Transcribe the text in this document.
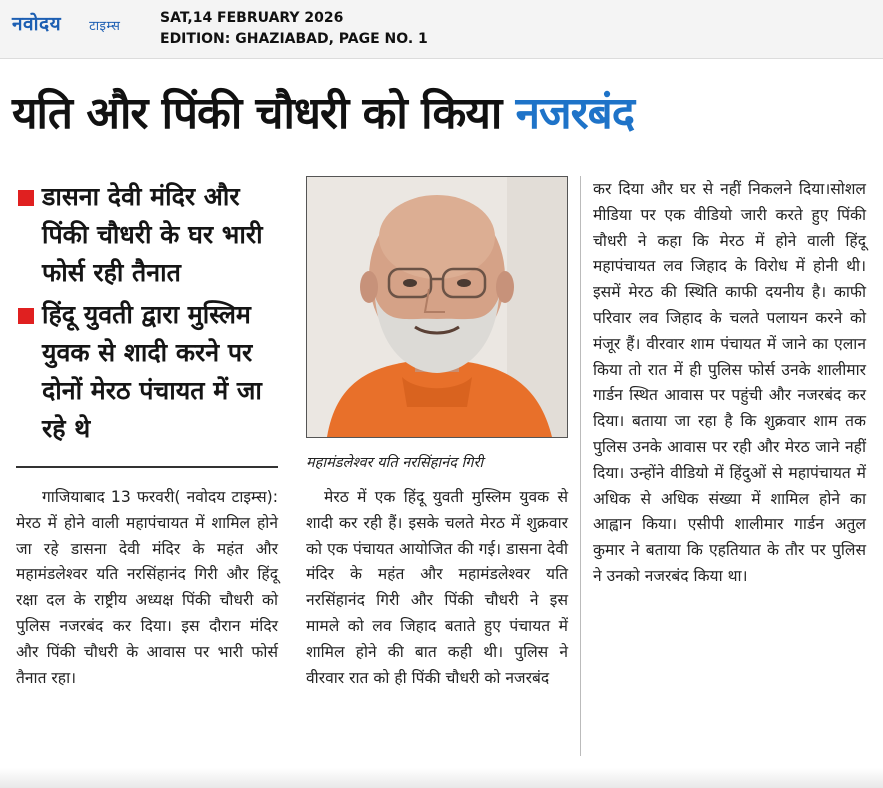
नवोदय टाइम्स
SAT,14 FEBRUARY 2026
EDITION: GHAZIABAD, PAGE NO. 1
यति और पिंकी चौधरी को किया नजरबंद
डासना देवी मंदिर और पिंकी चौधरी के घर भारी फोर्स रही तैनात
हिंदू युवती द्वारा मुस्लिम युवक से शादी करने पर दोनों मेरठ पंचायत में जा रहे थे
गाजियाबाद 13 फरवरी( नवोदय टाइम्स): मेरठ में होने वाली महापंचायत में शामिल होने जा रहे डासना देवी मंदिर के महंत और महामंडलेश्वर यति नरसिंहानंद गिरी और हिंदू रक्षा दल के राष्ट्रीय अध्यक्ष पिंकी चौधरी को पुलिस नजरबंद कर दिया। इस दौरान मंदिर और पिंकी चौधरी के आवास पर भारी फोर्स तैनात रहा।
महामंडलेश्वर यति नरसिंहानंद गिरी
मेरठ में एक हिंदू युवती मुस्लिम युवक से शादी कर रही हैं। इसके चलते मेरठ में शुक्रवार को एक पंचायत आयोजित की गई। डासना देवी मंदिर के महंत और महामंडलेश्वर यति नरसिंहानंद गिरी और पिंकी चौधरी ने इस मामले को लव जिहाद बताते हुए पंचायत में शामिल होने की बात कही थी। पुलिस ने वीरवार रात को ही पिंकी चौधरी को नजरबंद
कर दिया और घर से नहीं निकलने दिया।सोशल मीडिया पर एक वीडियो जारी करते हुए पिंकी चौधरी ने कहा कि मेरठ में होने वाली हिंदू महापंचायत लव जिहाद के विरोध में होनी थी। इसमें मेरठ की स्थिति काफी दयनीय है। काफी परिवार लव जिहाद के चलते पलायन करने को मंजूर हैं। वीरवार शाम पंचायत में जाने का एलान किया तो रात में ही पुलिस फोर्स उनके शालीमार गार्डन स्थित आवास पर पहुंची और नजरबंद कर दिया। बताया जा रहा है कि शुक्रवार शाम तक पुलिस उनके आवास पर रही और मेरठ जाने नहीं दिया। उन्होंने वीडियो में हिंदुओं से महापंचायत में अधिक से अधिक संख्या में शामिल होने का आह्वान किया। एसीपी शालीमार गार्डन अतुल कुमार ने बताया कि एहतियात के तौर पर पुलिस ने उनको नजरबंद किया था।
